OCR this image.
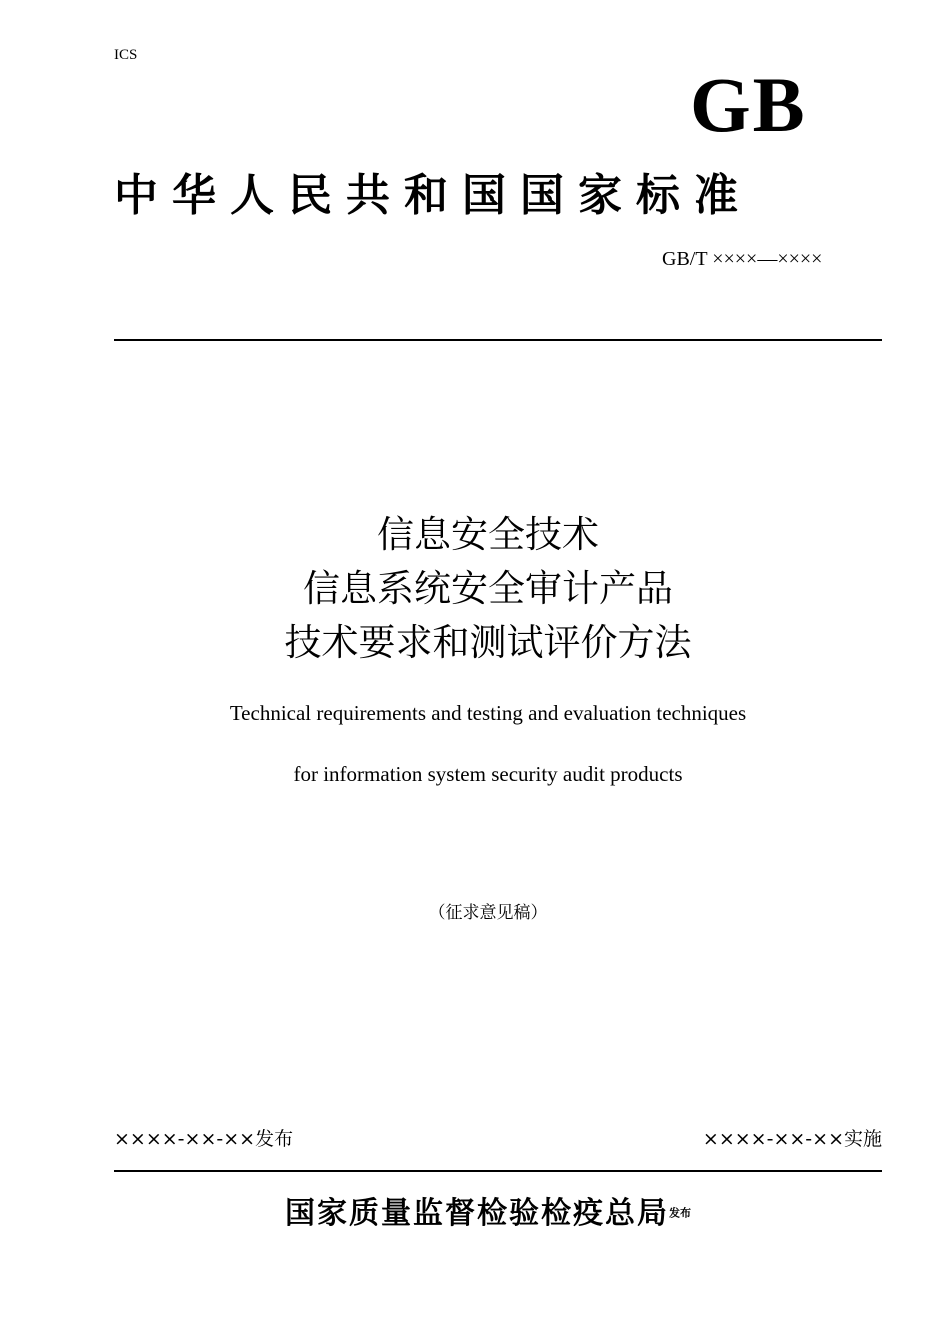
ICS
GB
中华人民共和国国家标准
GB/T ××××—××××
信息安全技术
信息系统安全审计产品
技术要求和测试评价方法
Technical requirements and testing and evaluation techniques
for information system security audit products
（征求意见稿）
××××-××-××发布	××××-××-××实施
国家质量监督检验检疫总局$^{发布}$
